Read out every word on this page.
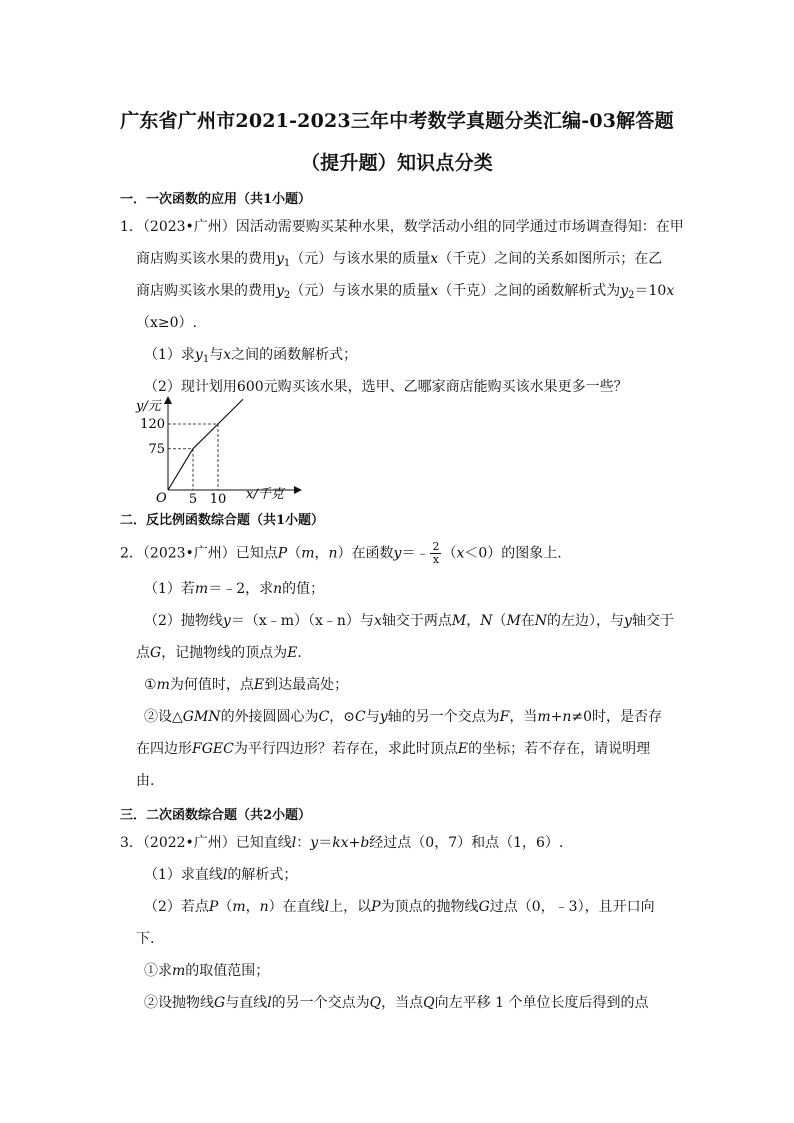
广东省广州市2021-2023三年中考数学真题分类汇编-03解答题
（提升题）知识点分类
一．一次函数的应用（共1小题）
1．（2023•广州）因活动需要购买某种水果，数学活动小组的同学通过市场调查得知：在甲
商店购买该水果的费用$y_1$（元）与该水果的质量x（千克）之间的关系如图所示；在乙
商店购买该水果的费用$y_2$（元）与该水果的质量x（千克）之间的函数解析式为$y_2=10x$
（x≥0）.
（1）求$y_1$与x之间的函数解析式；
（2）现计划用600元购买该水果，选甲、乙哪家商店能购买该水果更多一些？
y/元
x/千克
O 5 10
75
120
二．反比例函数综合题（共1小题）
2．（2023•广州）已知点P（m，n）在函数y＝﹣ $\frac{2}{x} (x<0)$的图象上.
（1）若m＝﹣2，求n的值；
（2）抛物线y＝（x﹣m）（x﹣n）与x轴交于两点M，N（M在N的左边），与y轴交于
点G，记抛物线的顶点为E.
①m为何值时，点E到达最高处；
②设△GMN的外接圆圆心为C，⊙C与y轴的另一个交点为F，当m+n≠0时，是否存
在四边形FGEC为平行四边形？若存在，求此时顶点E的坐标；若不存在，请说明理
由.
三．二次函数综合题（共2小题）
3．（2022•广州）已知直线l：y＝kx+b经过点（0，7）和点（1，6）.
（1）求直线l的解析式；
（2）若点P（m，n）在直线l上，以P为顶点的抛物线G过点（0，﹣3），且开口向
下.
①求m的取值范围；
②设抛物线G与直线l的另一个交点为Q，当点Q向左平移 1 个单位长度后得到的点
